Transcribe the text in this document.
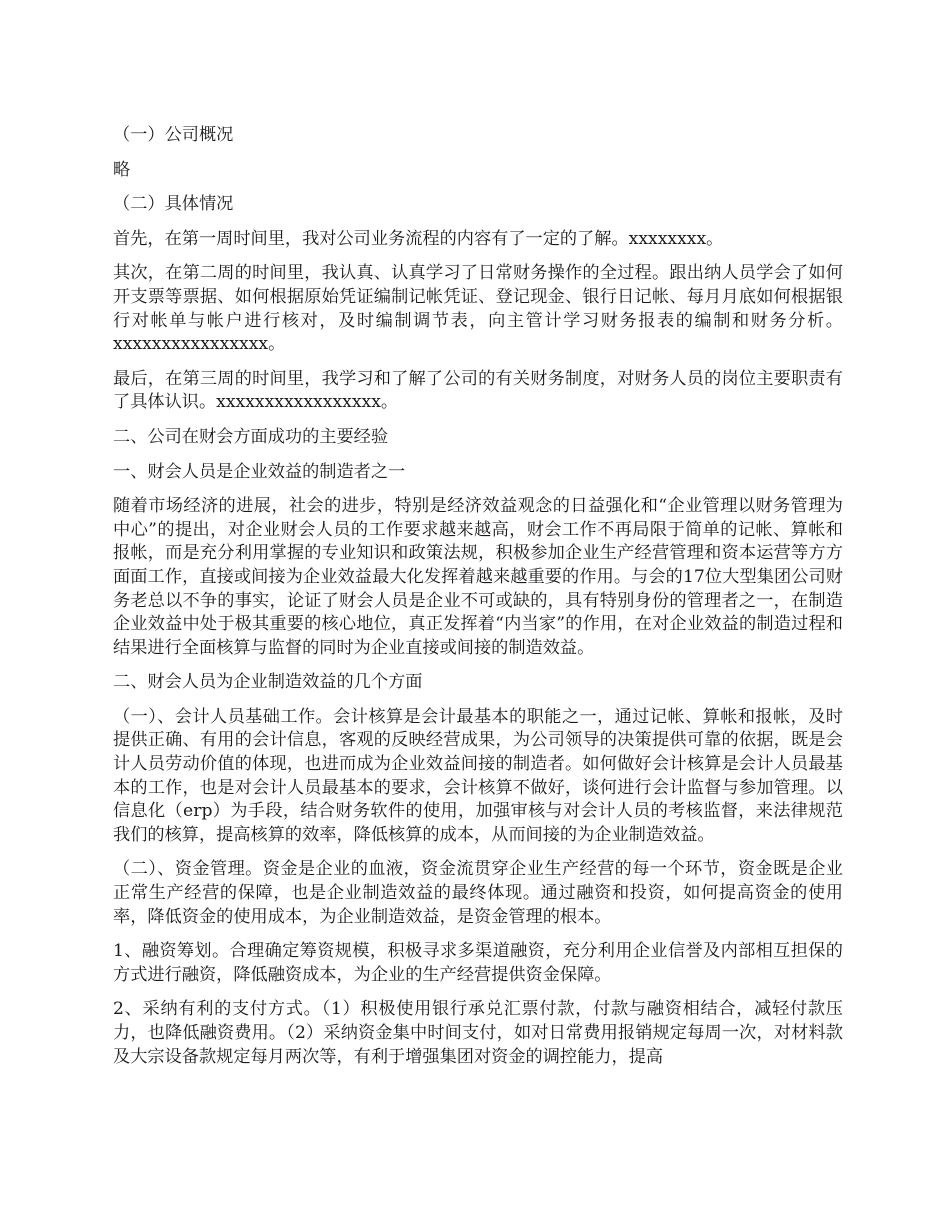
（一）公司概况

略

（二）具体情况

首先，在第一周时间里，我对公司业务流程的内容有了一定的了解。xxxxxxxx。

其次，在第二周的时间里，我认真、认真学习了日常财务操作的全过程。跟出纳人员学会了如何开支票等票据、如何根据原始凭证编制记帐凭证、登记现金、银行日记帐、每月月底如何根据银行对帐单与帐户进行核对，及时编制调节表，向主管计学习财务报表的编制和财务分析。xxxxxxxxxxxxxxxx。

最后，在第三周的时间里，我学习和了解了公司的有关财务制度，对财务人员的岗位主要职责有了具体认识。xxxxxxxxxxxxxxxxx。

二、公司在财会方面成功的主要经验

一、财会人员是企业效益的制造者之一

随着市场经济的进展，社会的进步，特别是经济效益观念的日益强化和“企业管理以财务管理为中心”的提出，对企业财会人员的工作要求越来越高，财会工作不再局限于简单的记帐、算帐和报帐，而是充分利用掌握的专业知识和政策法规，积极参加企业生产经营管理和资本运营等方方面面工作，直接或间接为企业效益最大化发挥着越来越重要的作用。与会的17位大型集团公司财务老总以不争的事实，论证了财会人员是企业不可或缺的，具有特别身份的管理者之一，在制造企业效益中处于极其重要的核心地位，真正发挥着“内当家”的作用，在对企业效益的制造过程和结果进行全面核算与监督的同时为企业直接或间接的制造效益。

二、财会人员为企业制造效益的几个方面

（一）、会计人员基础工作。会计核算是会计最基本的职能之一，通过记帐、算帐和报帐，及时提供正确、有用的会计信息，客观的反映经营成果，为公司领导的决策提供可靠的依据，既是会计人员劳动价值的体现，也进而成为企业效益间接的制造者。如何做好会计核算是会计人员最基本的工作，也是对会计人员最基本的要求，会计核算不做好，谈何进行会计监督与参加管理。以信息化（erp）为手段，结合财务软件的使用，加强审核与对会计人员的考核监督，来法律规范我们的核算，提高核算的效率，降低核算的成本，从而间接的为企业制造效益。

（二）、资金管理。资金是企业的血液，资金流贯穿企业生产经营的每一个环节，资金既是企业正常生产经营的保障，也是企业制造效益的最终体现。通过融资和投资，如何提高资金的使用率，降低资金的使用成本，为企业制造效益，是资金管理的根本。

1、融资筹划。合理确定筹资规模，积极寻求多渠道融资，充分利用企业信誉及内部相互担保的方式进行融资，降低融资成本，为企业的生产经营提供资金保障。

2、采纳有利的支付方式。（1）积极使用银行承兑汇票付款，付款与融资相结合，减轻付款压力，也降低融资费用。（2）采纳资金集中时间支付，如对日常费用报销规定每周一次，对材料款及大宗设备款规定每月两次等，有利于增强集团对资金的调控能力，提高
